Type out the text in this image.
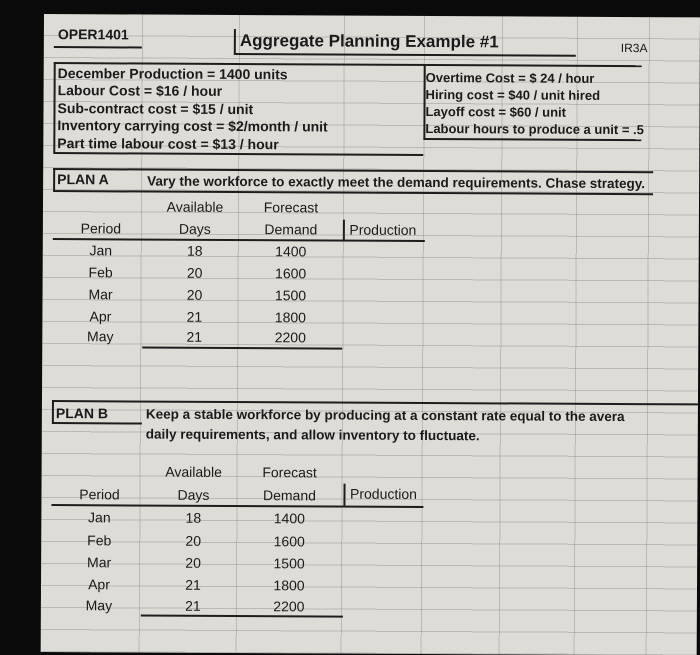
OPER1401	Aggregate Planning Example #1	IR3A
December Production = 1400 units
Labour Cost = $16 / hour
Sub-contract cost = $15 / unit
Inventory carrying cost = $2/month / unit
Part time labour cost = $13 / hour
Overtime Cost = $ 24 / hour
Hiring cost = $40 / unit hired
Layoff cost = $60 / unit
Labour hours to produce a unit = .5
PLAN A	Vary the workforce to exactly meet the demand requirements. Chase strategy.
Available	Forecast
Period	Days	Demand	Production
Jan	18	1400
Feb	20	1600
Mar	20	1500
Apr	21	1800
May	21	2200
PLAN B	Keep a stable workforce by producing at a constant rate equal to the avera
daily requirements, and allow inventory to fluctuate.
Available	Forecast
Period	Days	Demand	Production
Jan	18	1400
Feb	20	1600
Mar	20	1500
Apr	21	1800
May	21	2200
